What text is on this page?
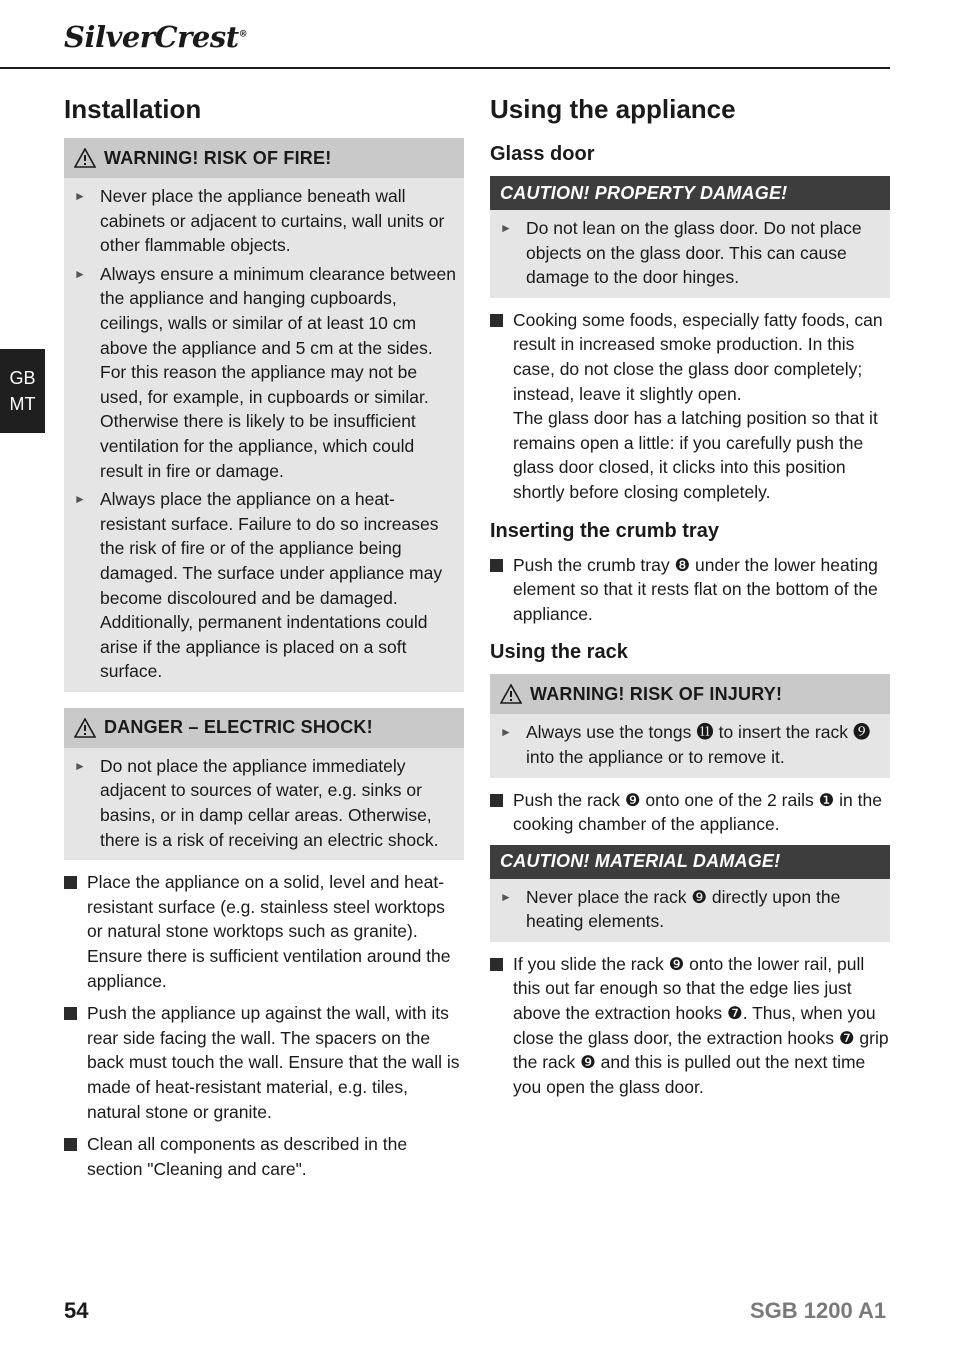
SilverCrest®
GB
MT
Installation
WARNING! RISK OF FIRE!
► Never place the appliance beneath wall cabinets or adjacent to curtains, wall units or other flammable objects.
► Always ensure a minimum clearance between the appliance and hanging cupboards, ceilings, walls or similar of at least 10 cm above the appliance and 5 cm at the sides. For this reason the appliance may not be used, for example, in cupboards or similar. Otherwise there is likely to be insufficient ventilation for the appliance, which could result in fire or damage.
► Always place the appliance on a heat-resistant surface. Failure to do so increases the risk of fire or of the appliance being damaged. The surface under appliance may become discoloured and be damaged. Additionally, permanent indentations could arise if the appliance is placed on a soft surface.
DANGER – ELECTRIC SHOCK!
► Do not place the appliance immediately adjacent to sources of water, e.g. sinks or basins, or in damp cellar areas. Otherwise, there is a risk of receiving an electric shock.
Place the appliance on a solid, level and heat-resistant surface (e.g. stainless steel worktops or natural stone worktops such as granite). Ensure there is sufficient ventilation around the appliance.
Push the appliance up against the wall, with its rear side facing the wall. The spacers on the back must touch the wall. Ensure that the wall is made of heat-resistant material, e.g. tiles, natural stone or granite.
Clean all components as described in the section "Cleaning and care".
Using the appliance
Glass door
CAUTION! PROPERTY DAMAGE!
► Do not lean on the glass door. Do not place objects on the glass door. This can cause damage to the door hinges.
Cooking some foods, especially fatty foods, can result in increased smoke production. In this case, do not close the glass door completely; instead, leave it slightly open.
The glass door has a latching position so that it remains open a little: if you carefully push the glass door closed, it clicks into this position shortly before closing completely.
Inserting the crumb tray
Push the crumb tray ❽ under the lower heating element so that it rests flat on the bottom of the appliance.
Using the rack
WARNING! RISK OF INJURY!
► Always use the tongs ⓫ to insert the rack ❾ into the appliance or to remove it.
Push the rack ❾ onto one of the 2 rails ❶ in the cooking chamber of the appliance.
CAUTION! MATERIAL DAMAGE!
► Never place the rack ❾ directly upon the heating elements.
If you slide the rack ❾ onto the lower rail, pull this out far enough so that the edge lies just above the extraction hooks ❼. Thus, when you close the glass door, the extraction hooks ❼ grip the rack ❾ and this is pulled out the next time you open the glass door.
54	SGB 1200 A1
